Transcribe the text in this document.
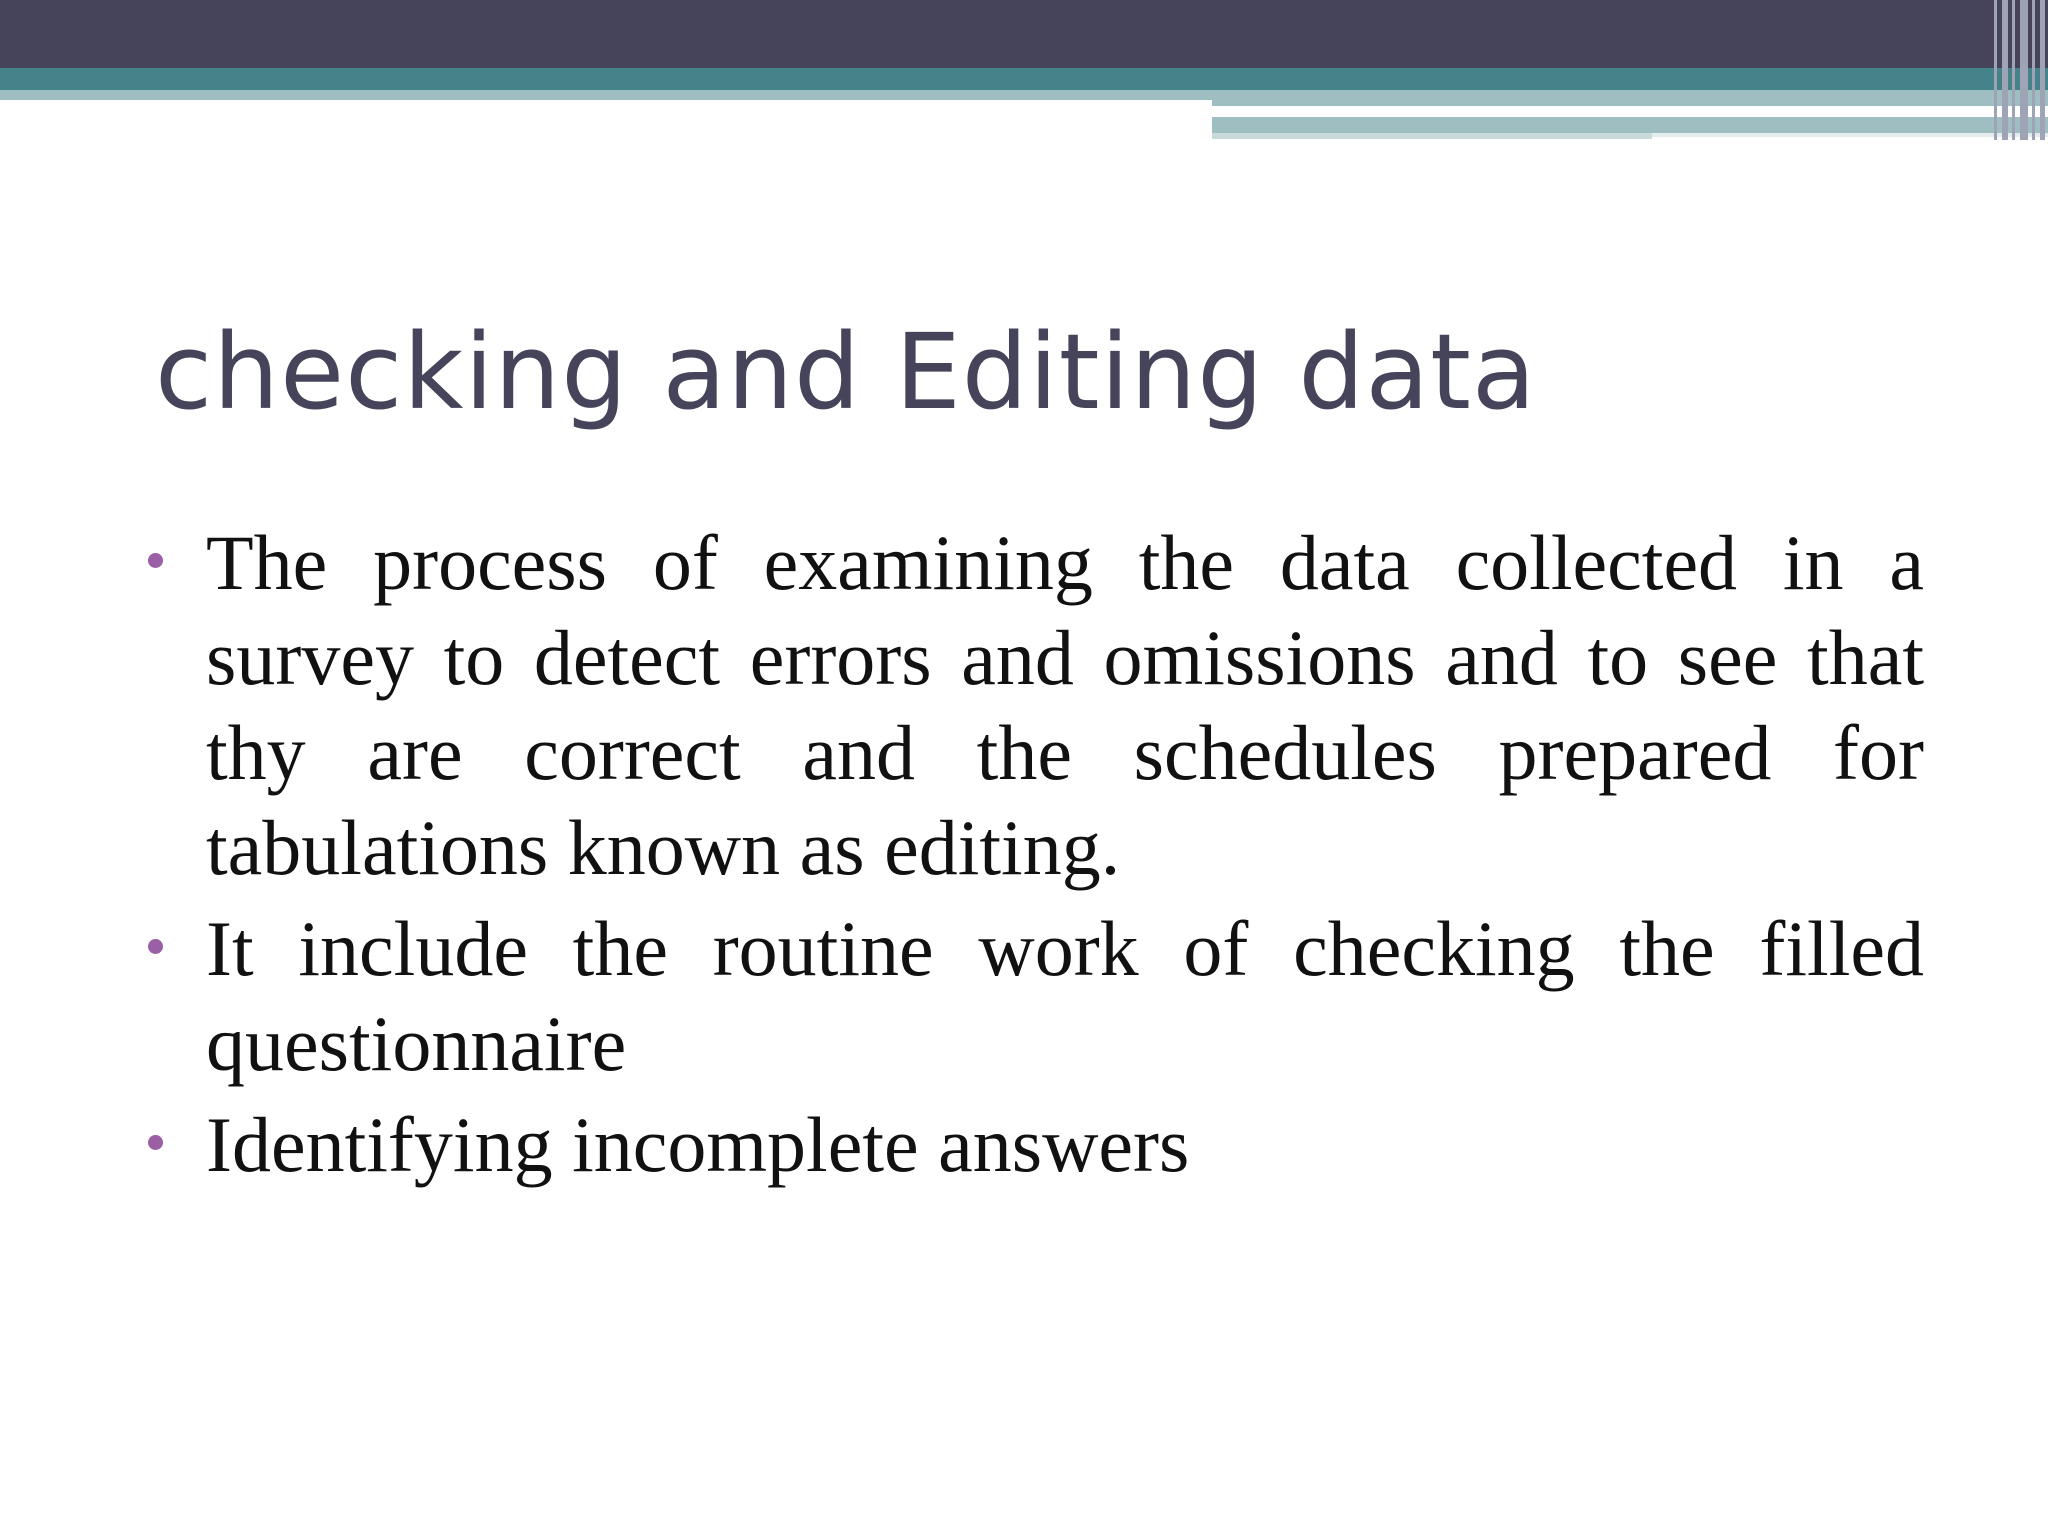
checking and Editing data
The process of examining the data collected in a survey to detect errors and omissions and to see that thy are correct and the schedules prepared for tabulations known as editing.
It include the routine work of checking the filled questionnaire
Identifying incomplete answers
